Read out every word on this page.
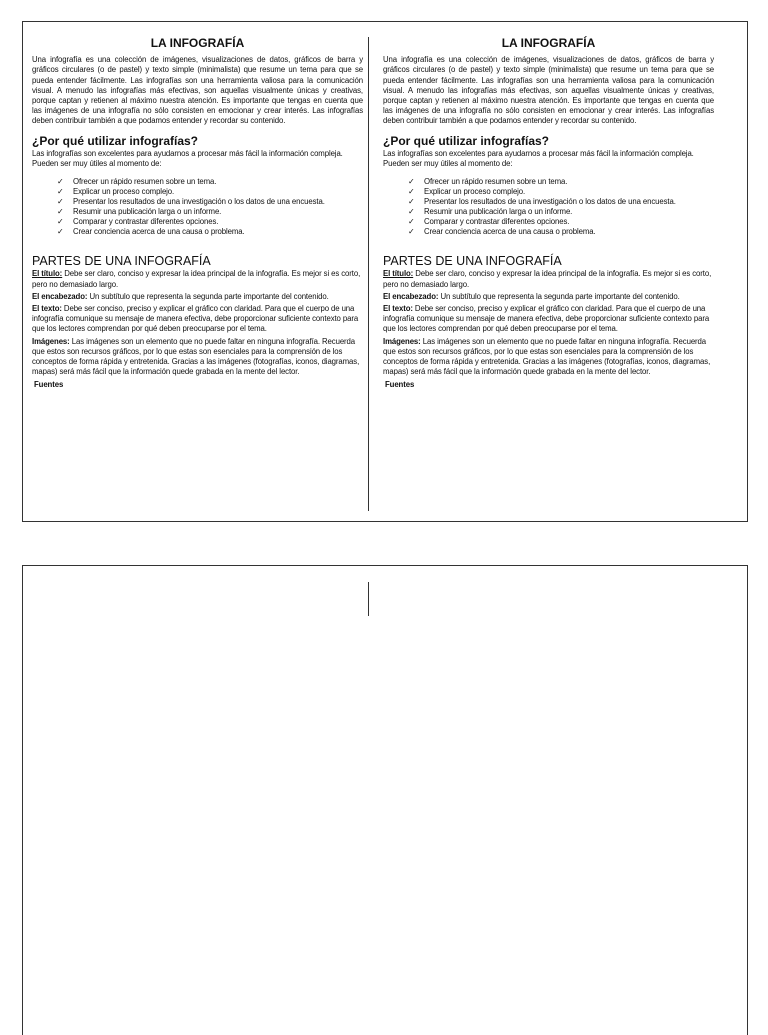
LA INFOGRAFÍA

Una infografía es una colección de imágenes, visualizaciones de datos, gráficos de barra y gráficos circulares (o de pastel) y texto simple (minimalista) que resume un tema para que se pueda entender fácilmente. Las infografías son una herramienta valiosa para la comunicación visual. A menudo las infografías más efectivas, son aquellas visualmente únicas y creativas, porque captan y retienen al máximo nuestra atención. Es importante que tengas en cuenta que las imágenes de una infografía no sólo consisten en emocionar y crear interés. Las infografías deben contribuir también a que podamos entender y recordar su contenido.

¿Por qué utilizar infografías?

Las infografías son excelentes para ayudarnos a procesar más fácil la información compleja. Pueden ser muy útiles al momento de:

✓ Ofrecer un rápido resumen sobre un tema.
✓ Explicar un proceso complejo.
✓ Presentar los resultados de una investigación o los datos de una encuesta.
✓ Resumir una publicación larga o un informe.
✓ Comparar y contrastar diferentes opciones.
✓ Crear conciencia acerca de una causa o problema.
PARTES DE UNA INFOGRAFÍA

El título: Debe ser claro, conciso y expresar la idea principal de la infografía. Es mejor si es corto, pero no demasiado largo.

El encabezado: Un subtítulo que representa la segunda parte importante del contenido.

El texto: Debe ser conciso, preciso y explicar el gráfico con claridad. Para que el cuerpo de una infografía comunique su mensaje de manera efectiva, debe proporcionar suficiente contexto para que los lectores comprendan por qué deben preocuparse por el tema.

Imágenes: Las imágenes son un elemento que no puede faltar en ninguna infografía. Recuerda que estos son recursos gráficos, por lo que estas son esenciales para la comprensión de los conceptos de forma rápida y entretenida. Gracias a las imágenes (fotografías, iconos, diagramas, mapas) será más fácil que la información quede grabada en la mente del lector.

Fuentes
LA INFOGRAFÍA

Una infografía es una colección de imágenes, visualizaciones de datos, gráficos de barra y gráficos circulares (o de pastel) y texto simple (minimalista) que resume un tema para que se pueda entender fácilmente. Las infografías son una herramienta valiosa para la comunicación visual. A menudo las infografías más efectivas, son aquellas visualmente únicas y creativas, porque captan y retienen al máximo nuestra atención. Es importante que tengas en cuenta que las imágenes de una infografía no sólo consisten en emocionar y crear interés. Las infografías deben contribuir también a que podamos entender y recordar su contenido.

¿Por qué utilizar infografías?

Las infografías son excelentes para ayudarnos a procesar más fácil la información compleja. Pueden ser muy útiles al momento de:

✓ Ofrecer un rápido resumen sobre un tema.
✓ Explicar un proceso complejo.
✓ Presentar los resultados de una investigación o los datos de una encuesta.
✓ Resumir una publicación larga o un informe.
✓ Comparar y contrastar diferentes opciones.
✓ Crear conciencia acerca de una causa o problema.
PARTES DE UNA INFOGRAFÍA

El título: Debe ser claro, conciso y expresar la idea principal de la infografía. Es mejor si es corto, pero no demasiado largo.

El encabezado: Un subtítulo que representa la segunda parte importante del contenido.

El texto: Debe ser conciso, preciso y explicar el gráfico con claridad. Para que el cuerpo de una infografía comunique su mensaje de manera efectiva, debe proporcionar suficiente contexto para que los lectores comprendan por qué deben preocuparse por el tema.

Imágenes: Las imágenes son un elemento que no puede faltar en ninguna infografía. Recuerda que estos son recursos gráficos, por lo que estas son esenciales para la comprensión de los conceptos de forma rápida y entretenida. Gracias a las imágenes (fotografías, iconos, diagramas, mapas) será más fácil que la información quede grabada en la mente del lector.

Fuentes
